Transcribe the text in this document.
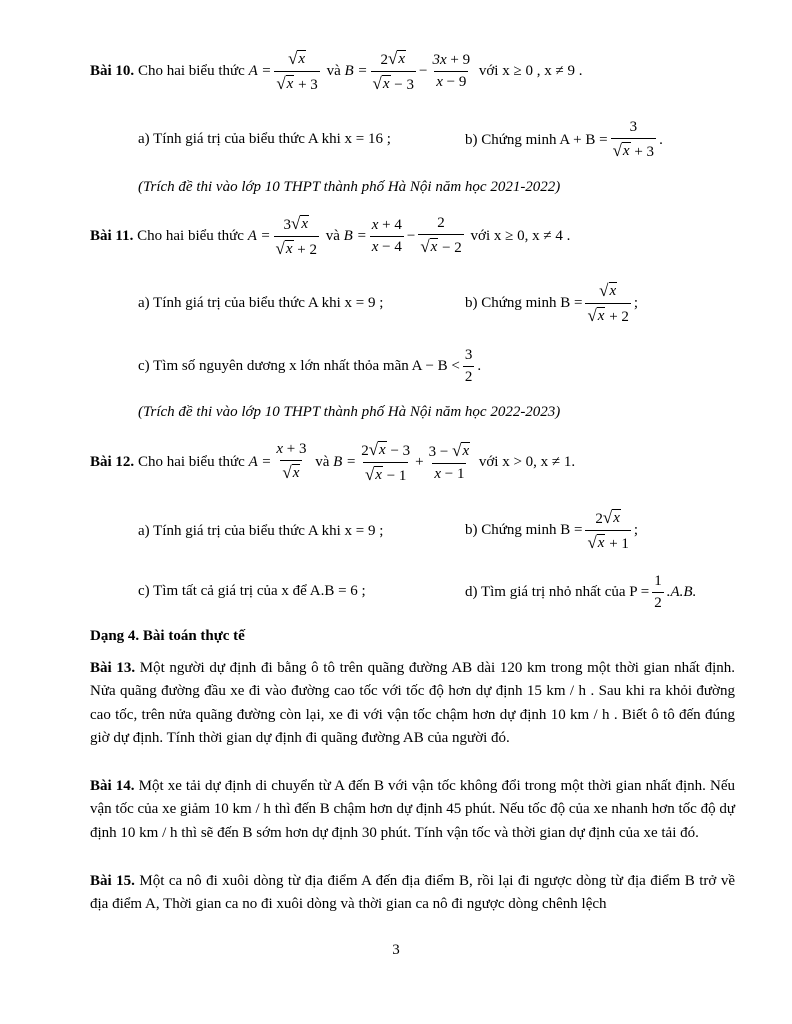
Bài 10.
Cho hai biểu thức
$A = \frac{√ x}{√ x + 3}$
và
$B = \frac{2 √ x}{√ x - 3} - \frac{3x + 9}{x - 9}$
với x ≥ 0 , x ≠ 9 .
a) Tính giá trị của biểu thức A khi x = 16 ;	b) Chứng minh $A + B = \frac{3}{√ x + 3}$ .
(Trích đề thi vào lớp 10 THPT thành phố Hà Nội năm học 2021-2022)
Bài 11.
Cho hai biểu thức
$A = \frac{3 √ x}{√ x + 2}$
và
$B = \frac{x + 4}{x - 4} - \frac{2}{√ x - 2}$
với x ≥ 0, x ≠ 4 .
a) Tính giá trị của biểu thức A khi x = 9 ;	b) Chứng minh $B = \frac{√ x}{√ x + 2}$ ;
c) Tìm số nguyên dương x lớn nhất thỏa mãn $A - B < \frac{3}{2}$ .
(Trích đề thi vào lớp 10 THPT thành phố Hà Nội năm học 2022-2023)
Bài 12.
Cho hai biểu thức
$A = \frac{x + 3}{√ x}$
và
$B = \frac{2 √ x - 3}{√ x - 1} + \frac{3 - √ x}{x - 1}$
với x > 0, x ≠ 1.
a) Tính giá trị của biểu thức A khi x = 9 ;	b) Chứng minh $B = \frac{2 √ x}{√ x + 1}$ ;
c) Tìm tất cả giá trị của x để A.B = 6 ;	d) Tìm giá trị nhỏ nhất của $P = \frac{1}{2} .A.B$.
Dạng 4. Bài toán thực tế
Bài 13. Một người dự định đi bằng ô tô trên quãng đường AB dài 120 km trong một thời gian nhất định. Nửa quãng đường đầu xe đi vào đường cao tốc với tốc độ hơn dự định 15 km / h . Sau khi ra khỏi đường cao tốc, trên nửa quãng đường còn lại, xe đi với vận tốc chậm hơn dự định 10 km / h . Biết ô tô đến đúng giờ dự định. Tính thời gian dự định đi quãng đường AB của người đó.
Bài 14. Một xe tải dự định di chuyển từ A đến B với vận tốc không đổi trong một thời gian nhất định. Nếu vận tốc của xe giảm 10 km / h thì đến B chậm hơn dự định 45 phút. Nếu tốc độ của xe nhanh hơn tốc độ dự định 10 km / h thì sẽ đến B sớm hơn dự định 30 phút. Tính vận tốc và thời gian dự định của xe tải đó.
Bài 15. Một ca nô đi xuôi dòng từ địa điểm A đến địa điểm B, rồi lại đi ngược dòng từ địa điểm B trở về địa điểm A, Thời gian ca no đi xuôi dòng và thời gian ca nô đi ngược dòng chênh lệch
3
